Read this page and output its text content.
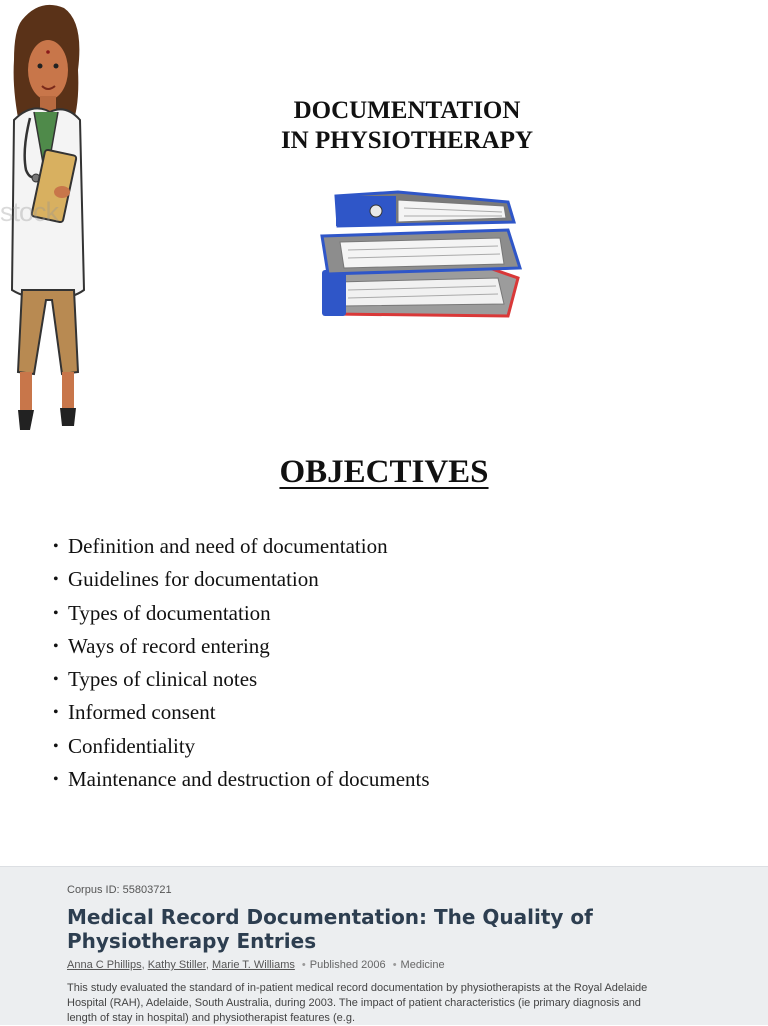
stock
DOCUMENTATION
IN PHYSIOTHERAPY
OBJECTIVES
• Definition and need of documentation
• Guidelines for documentation
• Types of documentation
• Ways of record entering
• Types of clinical notes
• Informed consent
• Confidentiality
• Maintenance and destruction of documents
Corpus ID: 55803721
Medical Record Documentation: The Quality of Physiotherapy Entries
Anna C Phillips, Kathy Stiller, Marie T. Williams • Published 2006 • Medicine
This study evaluated the standard of in-patient medical record documentation by physiotherapists at the Royal Adelaide Hospital (RAH), Adelaide, South Australia, during 2003. The impact of patient characteristics (ie primary diagnosis and length of stay in hospital) and physiotherapist features (e.g.
